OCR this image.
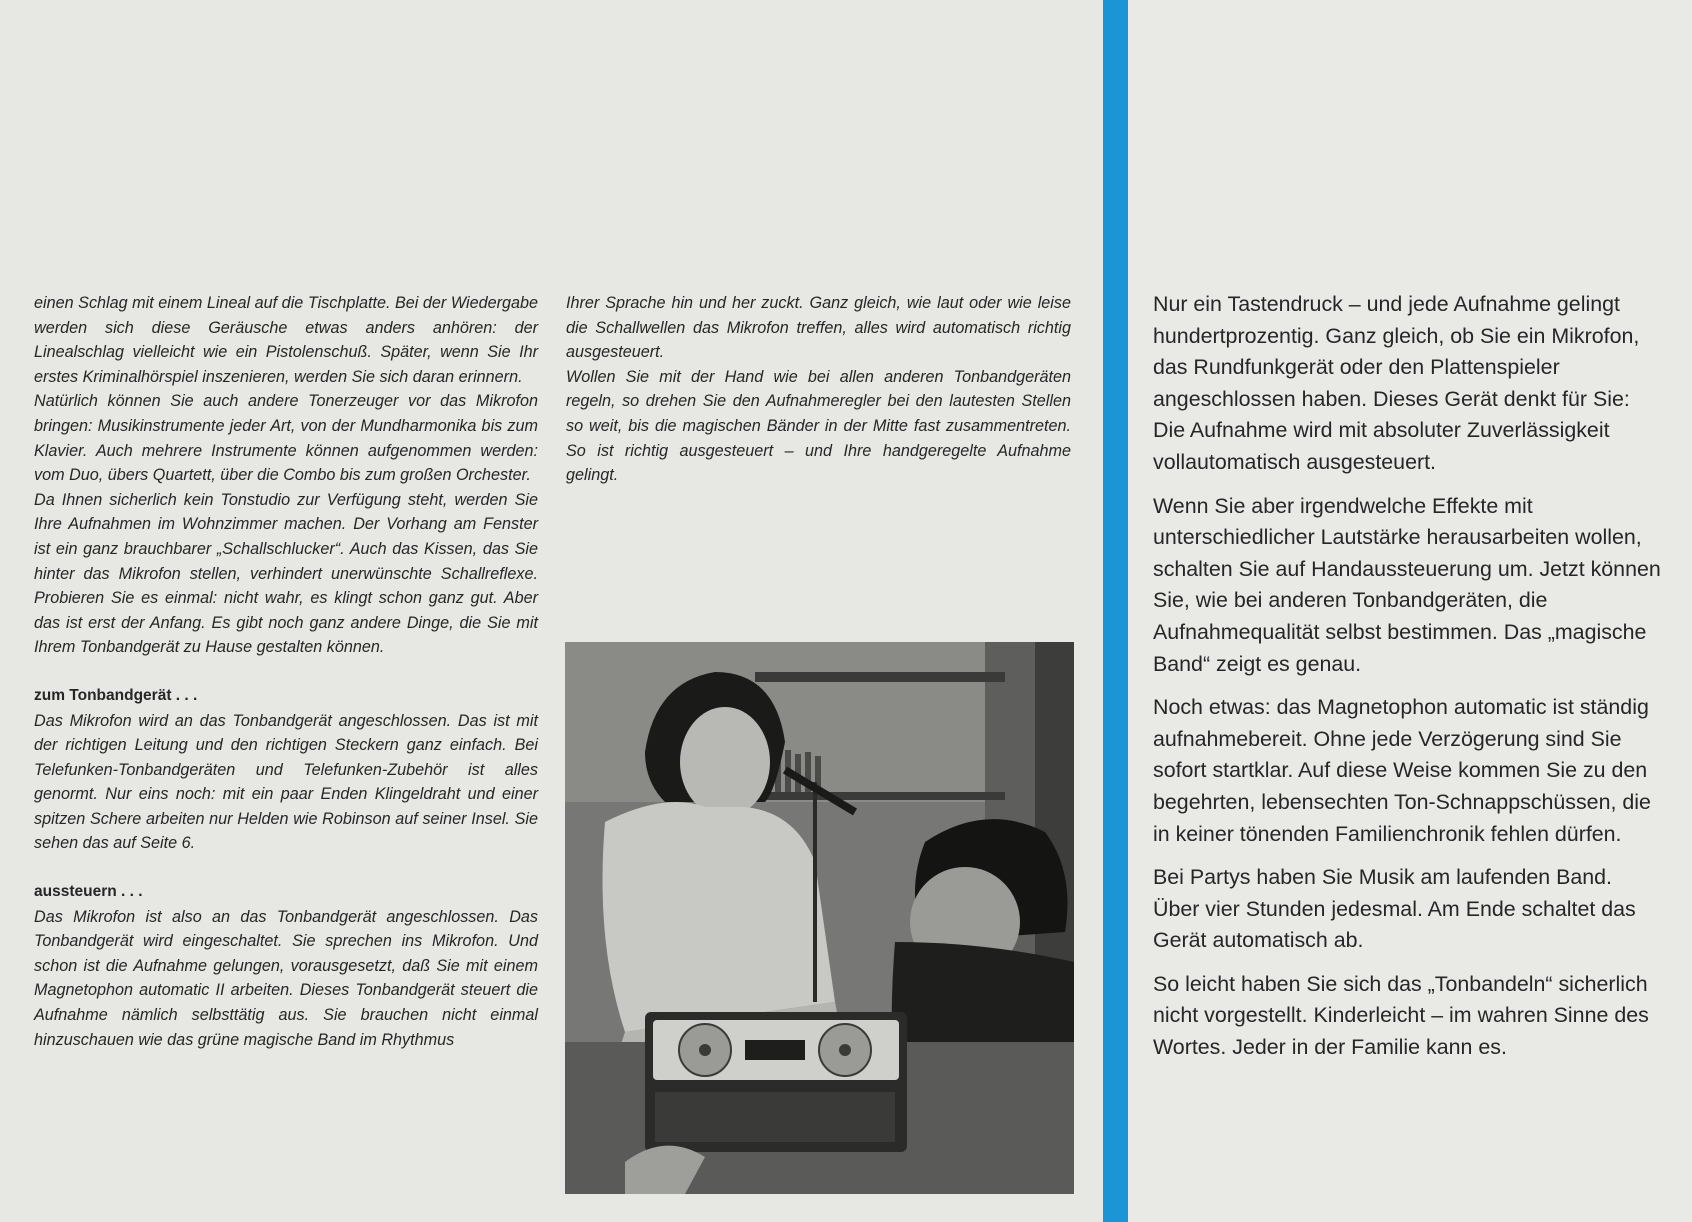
einen Schlag mit einem Lineal auf die Tischplatte. Bei der Wiedergabe werden sich diese Geräusche etwas anders anhören: der Linealschlag vielleicht wie ein Pistolenschuß. Später, wenn Sie Ihr erstes Kriminalhörspiel inszenieren, werden Sie sich daran erinnern.

Natürlich können Sie auch andere Tonerzeuger vor das Mikrofon bringen: Musikinstrumente jeder Art, von der Mundharmonika bis zum Klavier. Auch mehrere Instrumente können aufgenommen werden: vom Duo, übers Quartett, über die Combo bis zum großen Orchester.

Da Ihnen sicherlich kein Tonstudio zur Verfügung steht, werden Sie Ihre Aufnahmen im Wohnzimmer machen. Der Vorhang am Fenster ist ein ganz brauchbarer „Schallschlucker“. Auch das Kissen, das Sie hinter das Mikrofon stellen, verhindert unerwünschte Schallreflexe. Probieren Sie es einmal: nicht wahr, es klingt schon ganz gut. Aber das ist erst der Anfang. Es gibt noch ganz andere Dinge, die Sie mit Ihrem Tonbandgerät zu Hause gestalten können.

zum Tonbandgerät . . .

Das Mikrofon wird an das Tonbandgerät angeschlossen. Das ist mit der richtigen Leitung und den richtigen Steckern ganz einfach. Bei Telefunken-Tonbandgeräten und Telefunken-Zubehör ist alles genormt. Nur eins noch: mit ein paar Enden Klingeldraht und einer spitzen Schere arbeiten nur Helden wie Robinson auf seiner Insel. Sie sehen das auf Seite 6.

aussteuern . . .

Das Mikrofon ist also an das Tonbandgerät angeschlossen. Das Tonbandgerät wird eingeschaltet. Sie sprechen ins Mikrofon. Und schon ist die Aufnahme gelungen, vorausgesetzt, daß Sie mit einem Magnetophon automatic II arbeiten. Dieses Tonbandgerät steuert die Aufnahme nämlich selbsttätig aus. Sie brauchen nicht einmal hinzuschauen wie das grüne magische Band im Rhythmus

Ihrer Sprache hin und her zuckt. Ganz gleich, wie laut oder wie leise die Schallwellen das Mikrofon treffen, alles wird automatisch richtig ausgesteuert.

Wollen Sie mit der Hand wie bei allen anderen Tonbandgeräten regeln, so drehen Sie den Aufnahmeregler bei den lautesten Stellen so weit, bis die magischen Bänder in der Mitte fast zusammentreten. So ist richtig ausgesteuert – und Ihre handgeregelte Aufnahme gelingt.

Nur ein Tastendruck – und jede Aufnahme gelingt hundertprozentig. Ganz gleich, ob Sie ein Mikrofon, das Rundfunkgerät oder den Plattenspieler angeschlossen haben. Dieses Gerät denkt für Sie: Die Aufnahme wird mit absoluter Zuverlässigkeit vollautomatisch ausgesteuert.

Wenn Sie aber irgendwelche Effekte mit unterschiedlicher Lautstärke herausarbeiten wollen, schalten Sie auf Handaussteuerung um. Jetzt können Sie, wie bei anderen Tonbandgeräten, die Aufnahmequalität selbst bestimmen. Das „magische Band“ zeigt es genau.

Noch etwas: das Magnetophon automatic ist ständig aufnahmebereit. Ohne jede Verzögerung sind Sie sofort startklar. Auf diese Weise kommen Sie zu den begehrten, lebensechten Ton-Schnappschüssen, die in keiner tönenden Familienchronik fehlen dürfen.

Bei Partys haben Sie Musik am laufenden Band. Über vier Stunden jedesmal. Am Ende schaltet das Gerät automatisch ab.

So leicht haben Sie sich das „Tonbandeln“ sicherlich nicht vorgestellt. Kinderleicht – im wahren Sinne des Wortes. Jeder in der Familie kann es.
